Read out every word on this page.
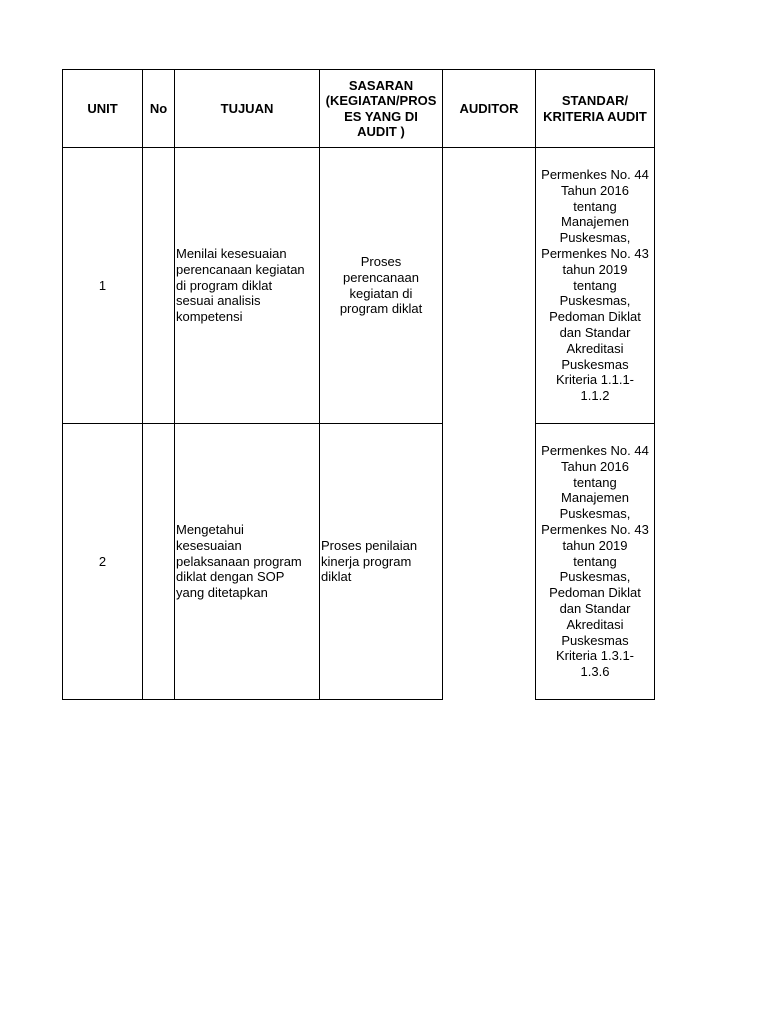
UNIT	No	TUJUAN
SASARAN
(KEGIATAN/PROS
ES YANG DI
AUDIT )
AUDITOR
STANDAR/
KRITERIA AUDIT
1
Menilai kesesuaian
perencanaan kegiatan
di program diklat
sesuai analisis
kompetensi
Proses
perencanaan
kegiatan di
program diklat
Permenkes No. 44
Tahun 2016
tentang
Manajemen
Puskesmas,
Permenkes No. 43
tahun 2019
tentang
Puskesmas,
Pedoman Diklat
dan Standar
Akreditasi
Puskesmas
Kriteria 1.1.1-
1.1.2
2
Mengetahui
kesesuaian
pelaksanaan program
diklat dengan SOP
yang ditetapkan
Proses penilaian
kinerja program
diklat
Permenkes No. 44
Tahun 2016
tentang
Manajemen
Puskesmas,
Permenkes No. 43
tahun 2019
tentang
Puskesmas,
Pedoman Diklat
dan Standar
Akreditasi
Puskesmas
Kriteria 1.3.1-
1.3.6
